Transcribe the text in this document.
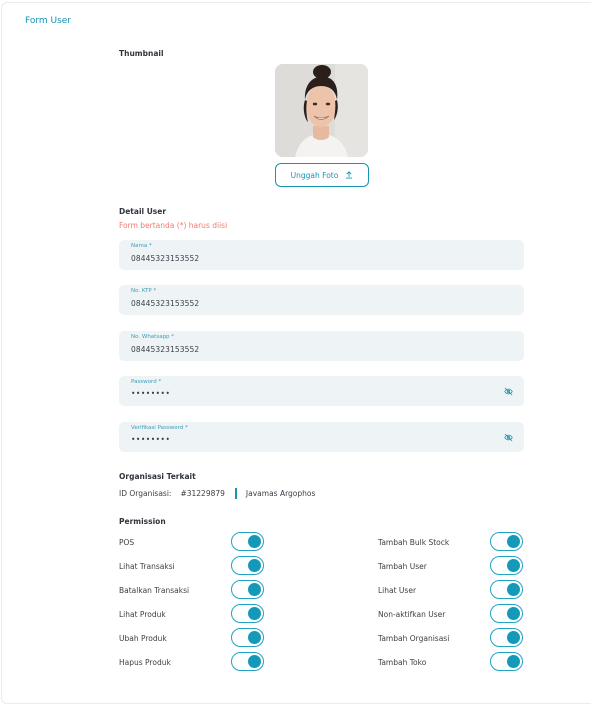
Form User
Thumbnail
Unggah Foto
Detail User
Form bertanda (*) harus diisi
Nama *
08445323153552
No. KTP *
08445323153552
No. Whatsapp *
08445323153552
Password *
••••••••
Verifikasi Password *
••••••••
Organisasi Terkait
ID Organisasi: #31229879	Javamas Argophos
Permission
POS
Lihat Transaksi
Batalkan Transaksi
Lihat Produk
Ubah Produk
Hapus Produk
Tambah Bulk Stock
Tambah User
Lihat User
Non-aktifkan User
Tambah Organisasi
Tambah Toko
